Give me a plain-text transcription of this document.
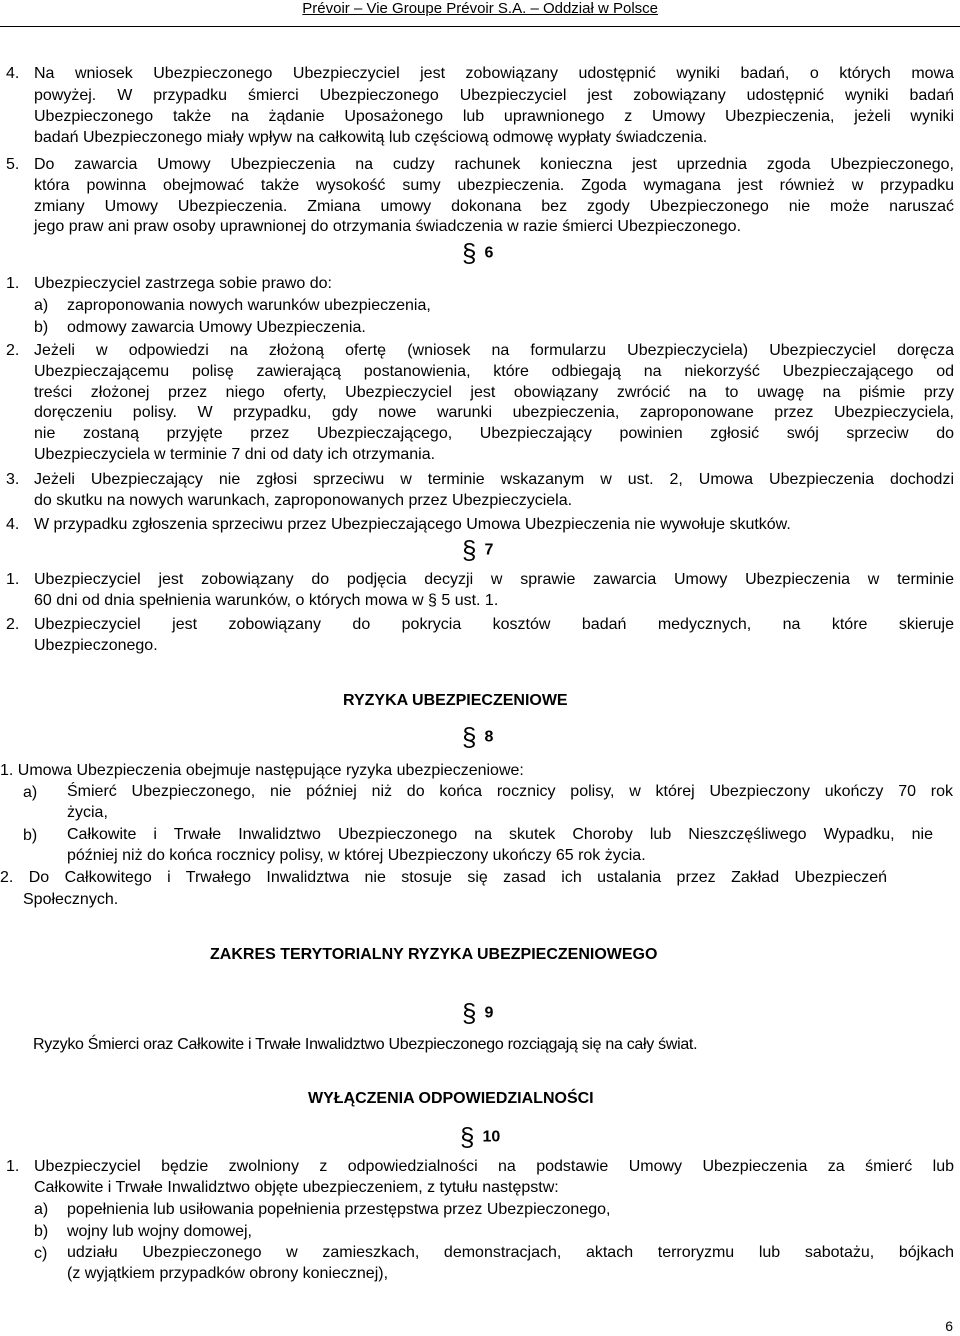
Prévoir – Vie Groupe Prévoir S.A. – Oddział w Polsce
4. Na wniosek Ubezpieczonego Ubezpieczyciel jest zobowiązany udostępnić wyniki badań, o których mowa
powyżej. W przypadku śmierci Ubezpieczonego Ubezpieczyciel jest zobowiązany udostępnić wyniki badań
Ubezpieczonego także na żądanie Uposażonego lub uprawnionego z Umowy Ubezpieczenia, jeżeli wyniki
badań Ubezpieczonego miały wpływ na całkowitą lub częściową odmowę wypłaty świadczenia.
5. Do zawarcia Umowy Ubezpieczenia na cudzy rachunek konieczna jest uprzednia zgoda Ubezpieczonego,
która powinna obejmować także wysokość sumy ubezpieczenia. Zgoda wymagana jest również w przypadku
zmiany Umowy Ubezpieczenia. Zmiana umowy dokonana bez zgody Ubezpieczonego nie może naruszać
jego praw ani praw osoby uprawnionej do otrzymania świadczenia w razie śmierci Ubezpieczonego.
§ 6
1. Ubezpieczyciel zastrzega sobie prawo do:
a) zaproponowania nowych warunków ubezpieczenia,
b) odmowy zawarcia Umowy Ubezpieczenia.
2. Jeżeli w odpowiedzi na złożoną ofertę (wniosek na formularzu Ubezpieczyciela) Ubezpieczyciel doręcza
Ubezpieczającemu polisę zawierającą postanowienia, które odbiegają na niekorzyść Ubezpieczającego od
treści złożonej przez niego oferty, Ubezpieczyciel jest obowiązany zwrócić na to uwagę na piśmie przy
doręczeniu polisy. W przypadku, gdy nowe warunki ubezpieczenia, zaproponowane przez Ubezpieczyciela,
nie zostaną przyjęte przez Ubezpieczającego, Ubezpieczający powinien zgłosić swój sprzeciw do
Ubezpieczyciela w terminie 7 dni od daty ich otrzymania.
3. Jeżeli Ubezpieczający nie zgłosi sprzeciwu w terminie wskazanym w ust. 2, Umowa Ubezpieczenia dochodzi
do skutku na nowych warunkach, zaproponowanych przez Ubezpieczyciela.
4. W przypadku zgłoszenia sprzeciwu przez Ubezpieczającego Umowa Ubezpieczenia nie wywołuje skutków.
§ 7
1. Ubezpieczyciel jest zobowiązany do podjęcia decyzji w sprawie zawarcia Umowy Ubezpieczenia w terminie
60 dni od dnia spełnienia warunków, o których mowa w § 5 ust. 1.
2. Ubezpieczyciel jest zobowiązany do pokrycia kosztów badań medycznych, na które skieruje
Ubezpieczonego.
RYZYKA UBEZPIECZENIOWE
§ 8
1. Umowa Ubezpieczenia obejmuje następujące ryzyka ubezpieczeniowe:
a) Śmierć Ubezpieczonego, nie później niż do końca rocznicy polisy, w której Ubezpieczony ukończy 70 rok
życia,
b) Całkowite i Trwałe Inwalidztwo Ubezpieczonego na skutek Choroby lub Nieszczęśliwego Wypadku, nie
później niż do końca rocznicy polisy, w której Ubezpieczony ukończy 65 rok życia.
2. Do Całkowitego i Trwałego Inwalidztwa nie stosuje się zasad ich ustalania przez Zakład Ubezpieczeń
Społecznych.
ZAKRES TERYTORIALNY RYZYKA UBEZPIECZENIOWEGO
§ 9
Ryzyko Śmierci oraz Całkowite i Trwałe Inwalidztwo Ubezpieczonego rozciągają się na cały świat.
WYŁĄCZENIA ODPOWIEDZIALNOŚCI
§ 10
1. Ubezpieczyciel będzie zwolniony z odpowiedzialności na podstawie Umowy Ubezpieczenia za śmierć lub
Całkowite i Trwałe Inwalidztwo objęte ubezpieczeniem, z tytułu następstw:
a) popełnienia lub usiłowania popełnienia przestępstwa przez Ubezpieczonego,
b) wojny lub wojny domowej,
c) udziału Ubezpieczonego w zamieszkach, demonstracjach, aktach terroryzmu lub sabotażu, bójkach
(z wyjątkiem przypadków obrony koniecznej),
6
